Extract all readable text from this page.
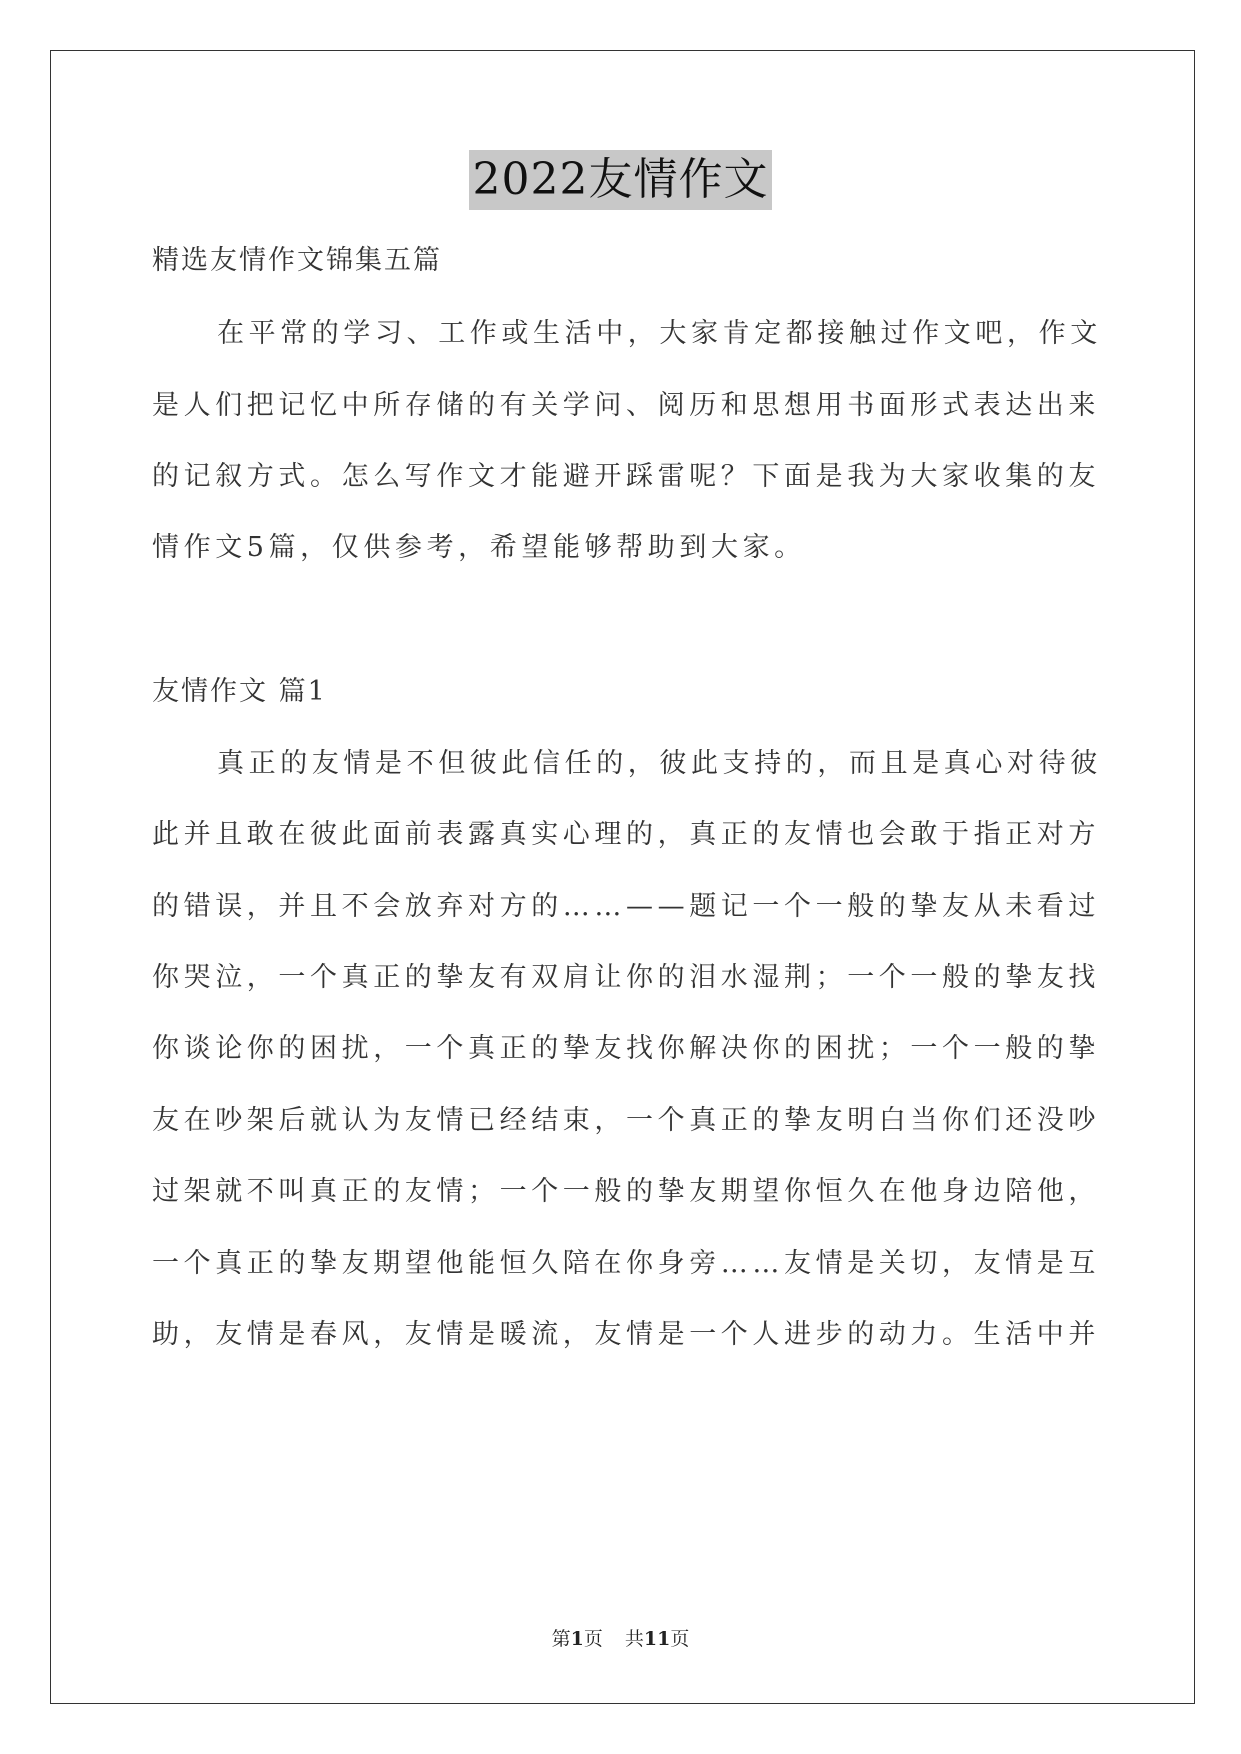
2022友情作文
精选友情作文锦集五篇
在平常的学习、工作或生活中，大家肯定都接触过作文吧，作文
是人们把记忆中所存储的有关学问、阅历和思想用书面形式表达出来
的记叙方式。怎么写作文才能避开踩雷呢？下面是我为大家收集的友
情作文5篇，仅供参考，希望能够帮助到大家。
友情作文 篇1
真正的友情是不但彼此信任的，彼此支持的，而且是真心对待彼
此并且敢在彼此面前表露真实心理的，真正的友情也会敢于指正对方
的错误，并且不会放弃对方的……——题记一个一般的挚友从未看过
你哭泣，一个真正的挚友有双肩让你的泪水湿荆；一个一般的挚友找
你谈论你的困扰，一个真正的挚友找你解决你的困扰；一个一般的挚
友在吵架后就认为友情已经结束，一个真正的挚友明白当你们还没吵
过架就不叫真正的友情；一个一般的挚友期望你恒久在他身边陪他，
一个真正的挚友期望他能恒久陪在你身旁……友情是关切，友情是互
助，友情是春风，友情是暖流，友情是一个人进步的动力。生活中并
第1页 共11页
